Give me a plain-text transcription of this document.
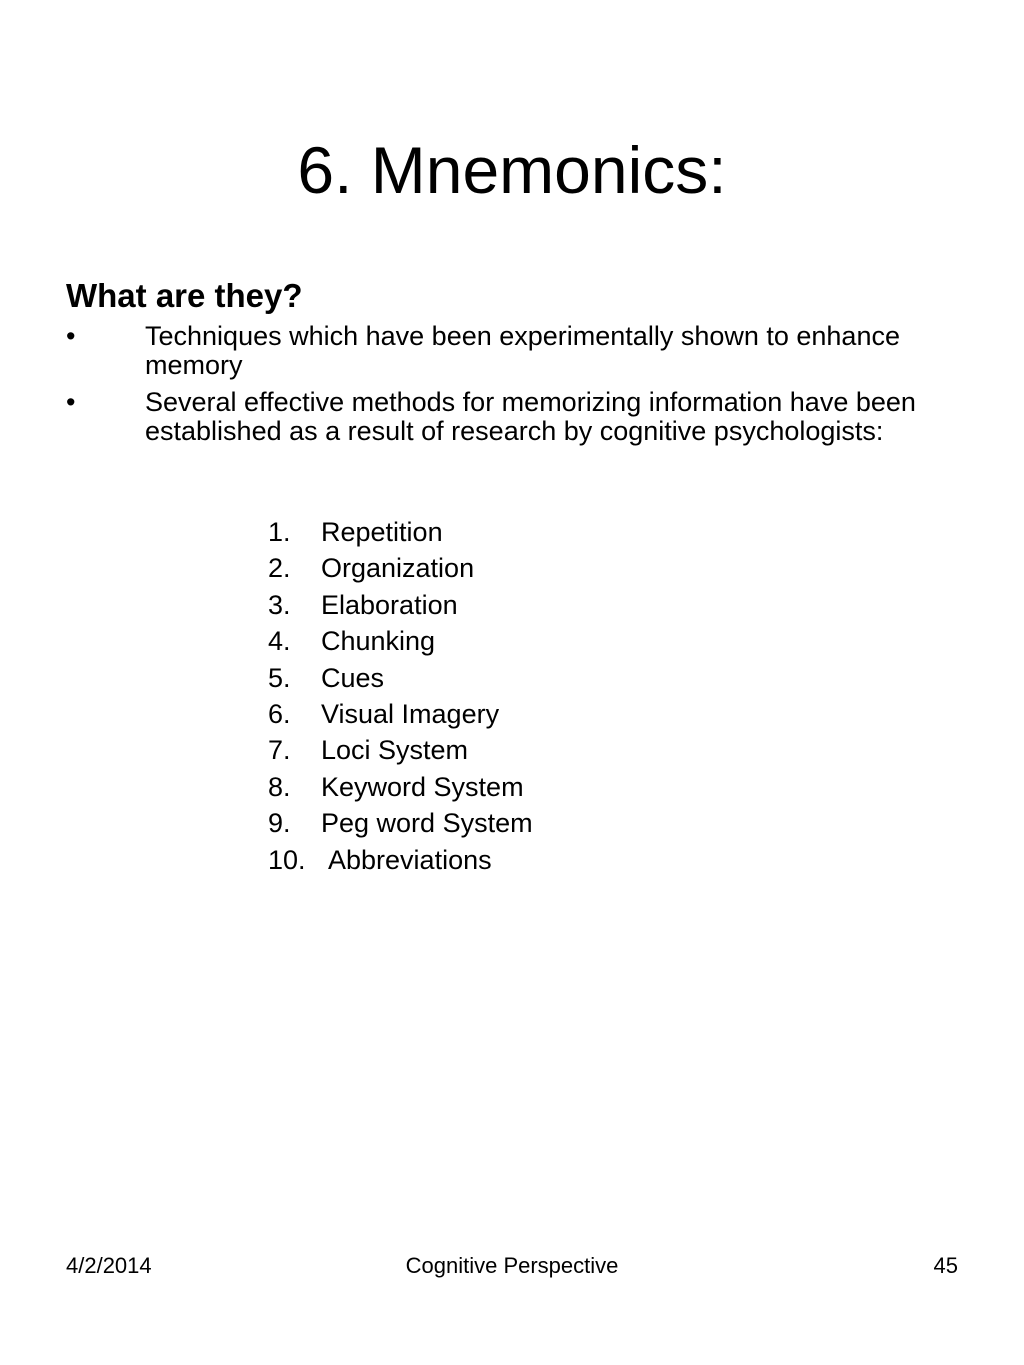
6. Mnemonics:
What are they?
•	Techniques which have been experimentally shown to enhance memory
•	Several effective methods for memorizing information have been established as a result of research by cognitive psychologists:
1. Repetition
2. Organization
3. Elaboration
4. Chunking
5. Cues
6. Visual Imagery
7. Loci System
8. Keyword System
9. Peg word System
10. Abbreviations
4/2/2014	Cognitive Perspective	45
